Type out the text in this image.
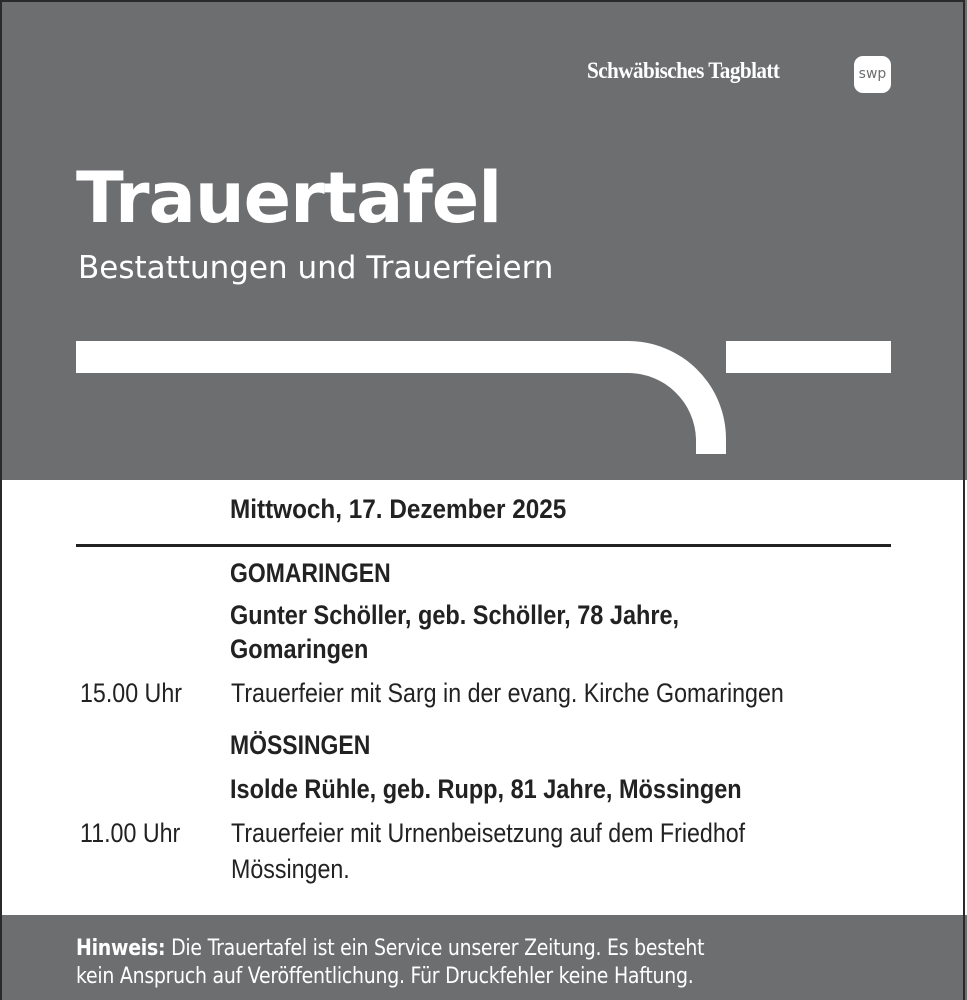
Schwäbisches Tagblatt	swp
Trauertafel
Bestattungen und Trauerfeiern
Mittwoch, 17. Dezember 2025
GOMARINGEN
Gunter Schöller, geb. Schöller, 78 Jahre,
Gomaringen
15.00 Uhr Trauerfeier mit Sarg in der evang. Kirche Gomaringen
MÖSSINGEN
Isolde Rühle, geb. Rupp, 81 Jahre, Mössingen
11.00 Uhr Trauerfeier mit Urnenbeisetzung auf dem Friedhof
Mössingen.
Hinweis: Die Trauertafel ist ein Service unserer Zeitung. Es besteht
kein Anspruch auf Veröffentlichung. Für Druckfehler keine Haftung.
